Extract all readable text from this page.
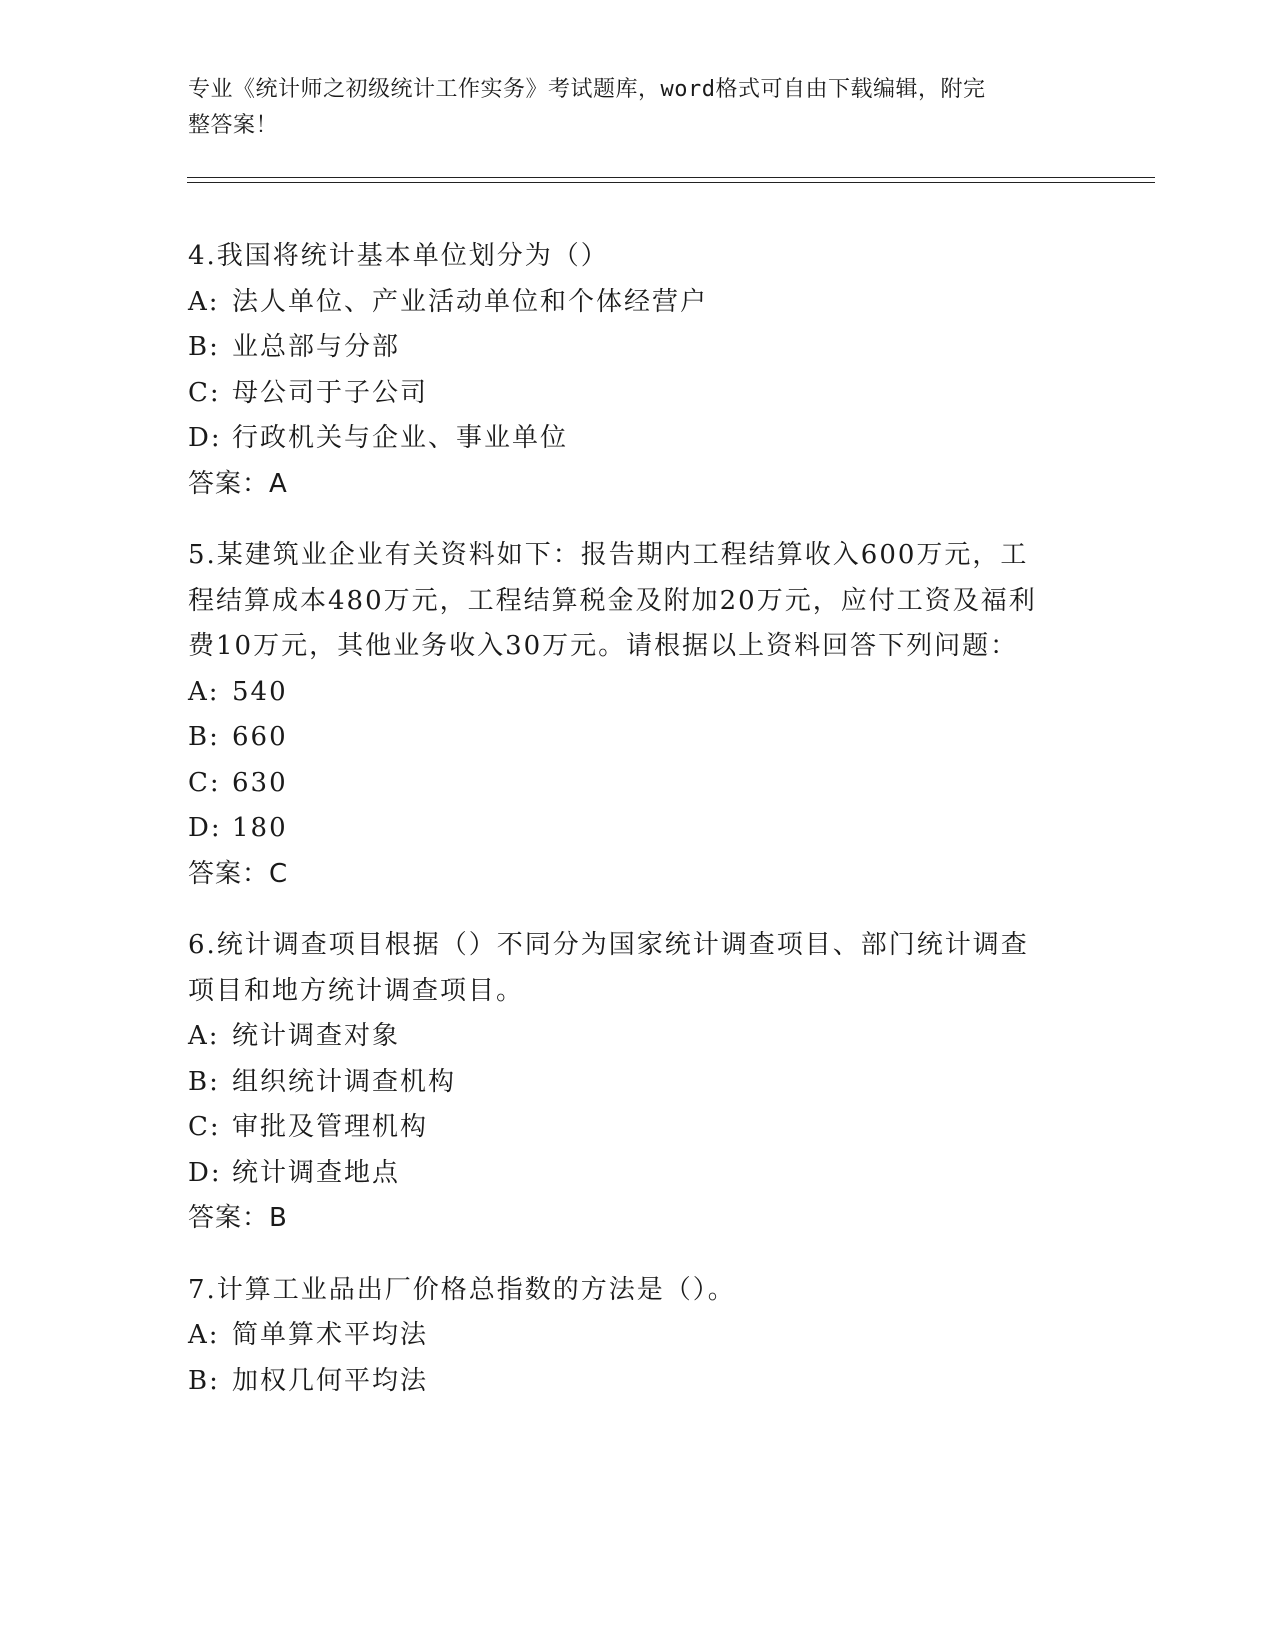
专业《统计师之初级统计工作实务》考试题库，word格式可自由下载编辑，附完
整答案！

4.我国将统计基本单位划分为（）

A: 法人单位、产业活动单位和个体经营户

B: 业总部与分部

C: 母公司于子公司

D: 行政机关与企业、事业单位

答案：A

5.某建筑业企业有关资料如下：报告期内工程结算收入600万元，工

程结算成本480万元，工程结算税金及附加20万元，应付工资及福利

费10万元，其他业务收入30万元。请根据以上资料回答下列问题：

A: 540

B: 660

C: 630

D: 180

答案：C

6.统计调查项目根据（）不同分为国家统计调查项目、部门统计调查

项目和地方统计调查项目。

A: 统计调查对象

B: 组织统计调查机构

C: 审批及管理机构

D: 统计调查地点

答案：B

7.计算工业品出厂价格总指数的方法是（）。

A: 简单算术平均法

B: 加权几何平均法
